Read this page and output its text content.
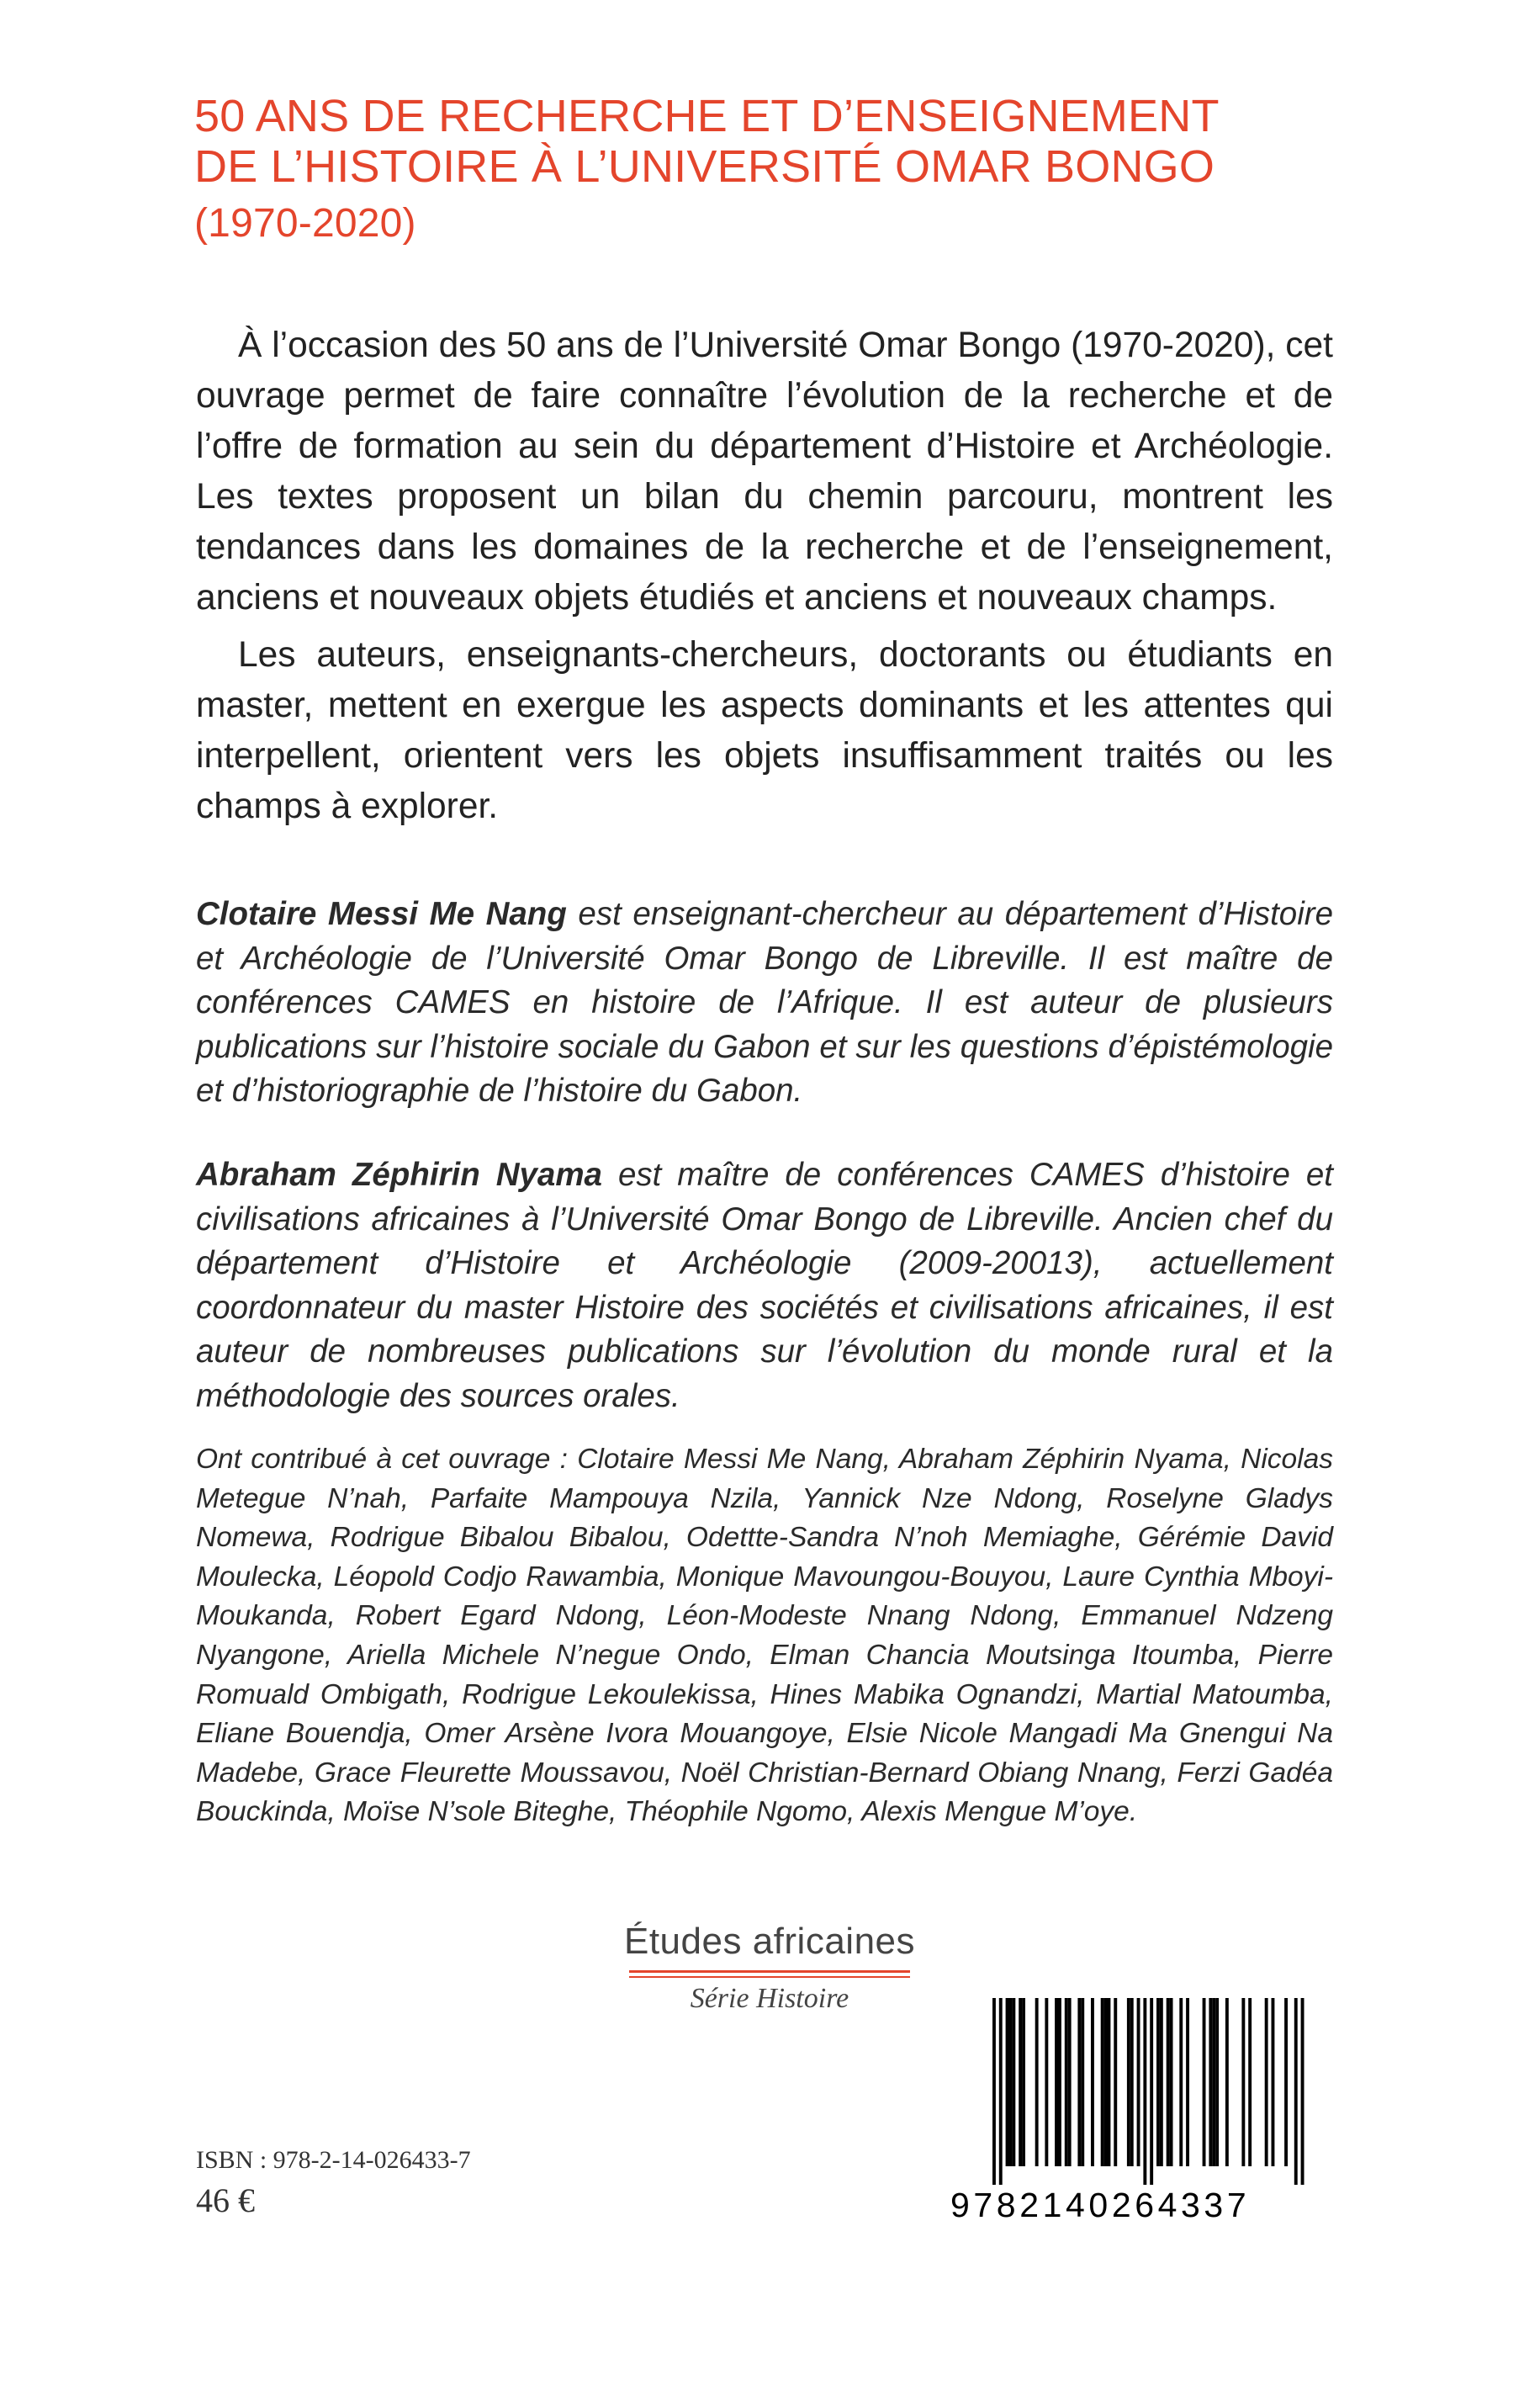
50 ANS DE RECHERCHE ET D’ENSEIGNEMENT
DE L’HISTOIRE À L’UNIVERSITÉ OMAR BONGO
(1970-2020)

À l’occasion des 50 ans de l’Université Omar Bongo (1970-2020), cet ouvrage permet de faire connaître l’évolution de la recherche et de l’offre de formation au sein du département d’Histoire et Archéologie. Les textes proposent un bilan du chemin parcouru, montrent les tendances dans les domaines de la recherche et de l’enseignement, anciens et nouveaux objets étudiés et anciens et nouveaux champs.

Les auteurs, enseignants-chercheurs, doctorants ou étudiants en master, mettent en exergue les aspects dominants et les attentes qui interpellent, orientent vers les objets insuffisamment traités ou les champs à explorer.

Clotaire Messi Me Nang est enseignant-chercheur au département d’Histoire et Archéologie de l’Université Omar Bongo de Libreville. Il est maître de conférences CAMES en histoire de l’Afrique. Il est auteur de plusieurs publications sur l’histoire sociale du Gabon et sur les questions d’épistémologie et d’historiographie de l’histoire du Gabon.

Abraham Zéphirin Nyama est maître de conférences CAMES d’histoire et civilisations africaines à l’Université Omar Bongo de Libreville. Ancien chef du département d’Histoire et Archéologie (2009-20013), actuellement coordonnateur du master Histoire des sociétés et civilisations africaines, il est auteur de nombreuses publications sur l’évolution du monde rural et la méthodologie des sources orales.

Ont contribué à cet ouvrage : Clotaire Messi Me Nang, Abraham Zéphirin Nyama, Nicolas Metegue N’nah, Parfaite Mampouya Nzila, Yannick Nze Ndong, Roselyne Gladys Nomewa, Rodrigue Bibalou Bibalou, Odettte-Sandra N’noh Memiaghe, Gérémie David Moulecka, Léopold Codjo Rawambia, Monique Mavoungou-Bouyou, Laure Cynthia Mboyi-Moukanda, Robert Egard Ndong, Léon-Modeste Nnang Ndong, Emmanuel Ndzeng Nyangone, Ariella Michele N’negue Ondo, Elman Chancia Moutsinga Itoumba, Pierre Romuald Ombigath, Rodrigue Lekoulekissa, Hines Mabika Ognandzi, Martial Matoumba, Eliane Bouendja, Omer Arsène Ivora Mouangoye, Elsie Nicole Mangadi Ma Gnengui Na Madebe, Grace Fleurette Moussavou, Noël Christian-Bernard Obiang Nnang, Ferzi Gadéa Bouckinda, Moïse N’sole Biteghe, Théophile Ngomo, Alexis Mengue M’oye.

Études africaines
Série Histoire
ISBN : 978-2-14-026433-7
46 €	9782140264337
